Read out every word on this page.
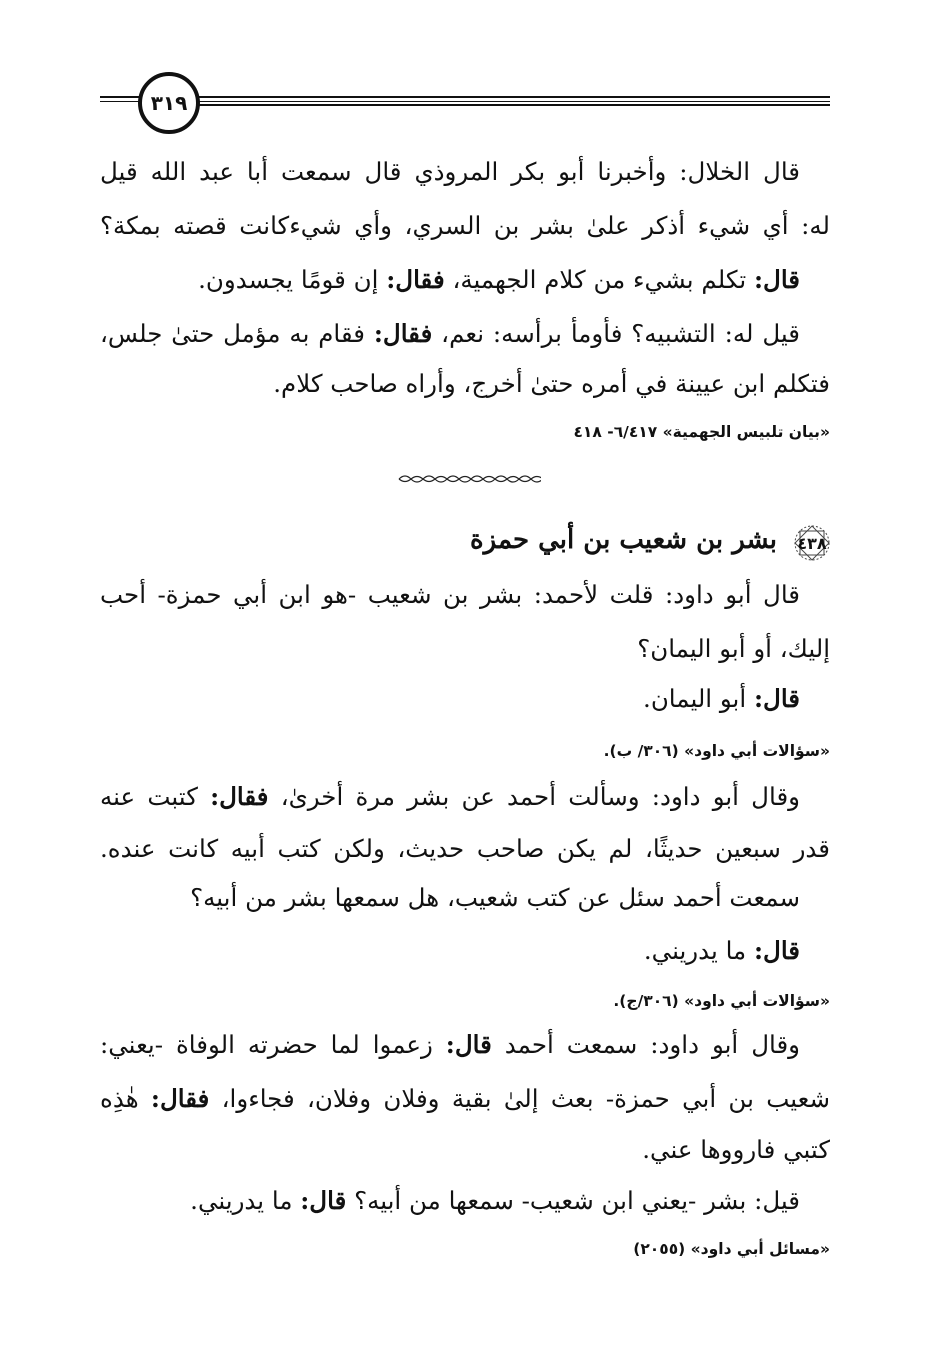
٣١٩
قال الخلال: وأخبرنا أبو بكر المروذي قال سمعت أبا عبد الله قيل
له: أي شيء أذكر علىٰ بشر بن السري، وأي شيءكانت قصته بمكة؟
قال: تكلم بشيء من كلام الجهمية، فقال: إن قومًا يجسدون.
قيل له: التشبيه؟ فأومأ برأسه: نعم، فقال: فقام به مؤمل حتىٰ جلس،
فتكلم ابن عيينة في أمره حتىٰ أخرج، وأراه صاحب كلام.
«بيان تلبيس الجهمية» ٦/٤١٧- ٤١٨
٤٣٨
بشر بن شعيب بن أبي حمزة
قال أبو داود: قلت لأحمد: بشر بن شعيب -هو ابن أبي حمزة- أحب
إليك، أو أبو اليمان؟
قال: أبو اليمان.
«سؤالات أبي داود» (٣٠٦/ ب).
وقال أبو داود: وسألت أحمد عن بشر مرة أخرىٰ، فقال: كتبت عنه
قدر سبعين حديثًا، لم يكن صاحب حديث، ولكن كتب أبيه كانت عنده.
سمعت أحمد سئل عن كتب شعيب، هل سمعها بشر من أبيه؟
قال: ما يدريني.
«سؤالات أبي داود» (٣٠٦/ج).
وقال أبو داود: سمعت أحمد قال: زعموا لما حضرته الوفاة -يعني:
شعيب بن أبي حمزة- بعث إلىٰ بقية وفلان وفلان، فجاءوا، فقال: هٰذِه
كتبي فارووها عني.
قيل: بشر -يعني ابن شعيب- سمعها من أبيه؟ قال: ما يدريني.
«مسائل أبي داود» (٢٠٥٥)
